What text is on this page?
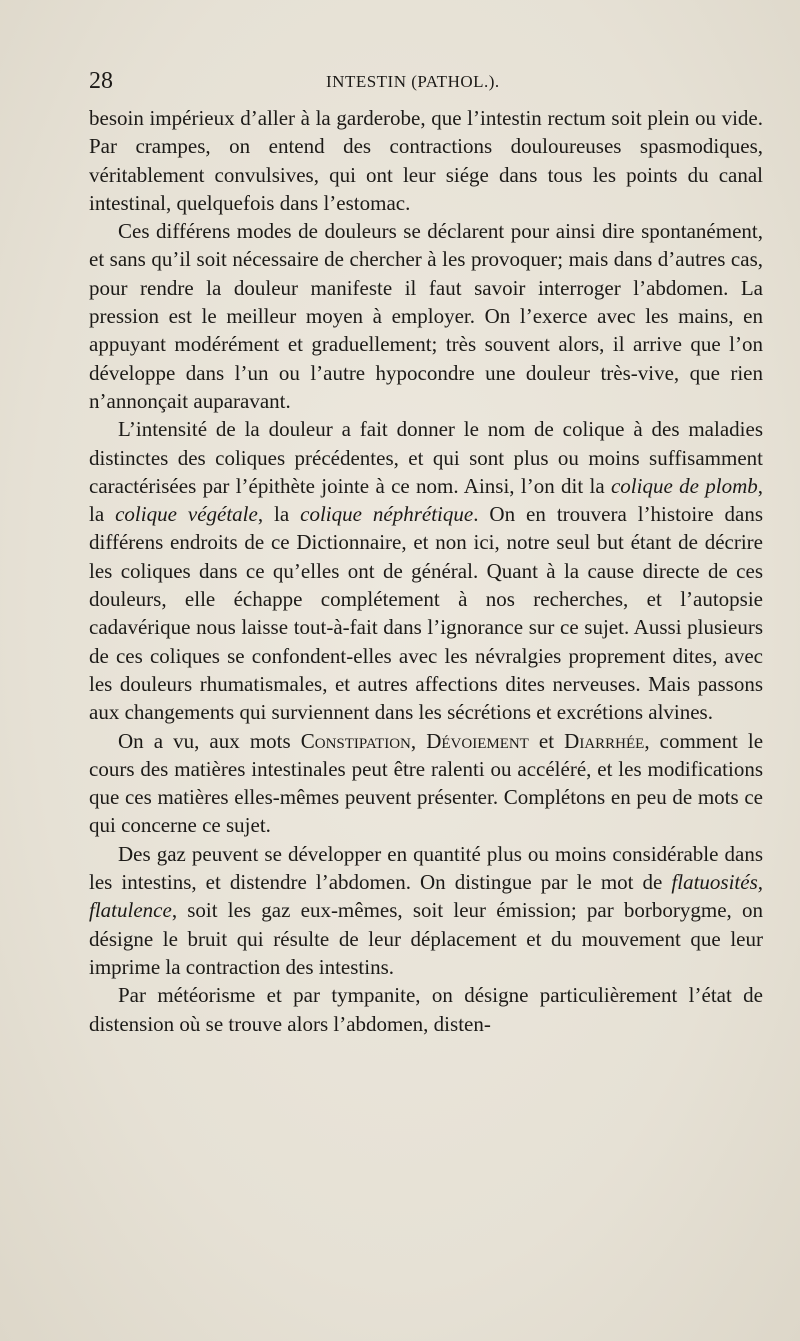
28	INTESTIN (PATHOL.).

besoin impérieux d’aller à la garderobe, que l’intestin rectum soit plein ou vide. Par crampes, on entend des contractions douloureuses spasmodiques, véritablement convulsives, qui ont leur siége dans tous les points du canal intestinal, quelquefois dans l’estomac.

Ces différens modes de douleurs se déclarent pour ainsi dire spontanément, et sans qu’il soit nécessaire de chercher à les provoquer; mais dans d’autres cas, pour rendre la douleur manifeste il faut savoir interroger l’abdomen. La pression est le meilleur moyen à employer. On l’exerce avec les mains, en appuyant modérément et graduellement; très souvent alors, il arrive que l’on développe dans l’un ou l’autre hypocondre une douleur très-vive, que rien n’annonçait auparavant.

L’intensité de la douleur a fait donner le nom de colique à des maladies distinctes des coliques précédentes, et qui sont plus ou moins suffisamment caractérisées par l’épithète jointe à ce nom. Ainsi, l’on dit la colique de plomb, la colique végétale, la colique néphrétique. On en trouvera l’histoire dans différens endroits de ce Dictionnaire, et non ici, notre seul but étant de décrire les coliques dans ce qu’elles ont de général. Quant à la cause directe de ces douleurs, elle échappe complétement à nos recherches, et l’autopsie cadavérique nous laisse tout-à-fait dans l’ignorance sur ce sujet. Aussi plusieurs de ces coliques se confondent-elles avec les névralgies proprement dites, avec les douleurs rhumatismales, et autres affections dites nerveuses. Mais passons aux changements qui surviennent dans les sécrétions et excrétions alvines.

On a vu, aux mots Constipation, Dévoiement et Diarrhée, comment le cours des matières intestinales peut être ralenti ou accéléré, et les modifications que ces matières elles-mêmes peuvent présenter. Complétons en peu de mots ce qui concerne ce sujet.

Des gaz peuvent se développer en quantité plus ou moins considérable dans les intestins, et distendre l’abdomen. On distingue par le mot de flatuosités, flatulence, soit les gaz eux-mêmes, soit leur émission; par borborygme, on désigne le bruit qui résulte de leur déplacement et du mouvement que leur imprime la contraction des intestins.

Par météorisme et par tympanite, on désigne particulièrement l’état de distension où se trouve alors l’abdomen, disten-
